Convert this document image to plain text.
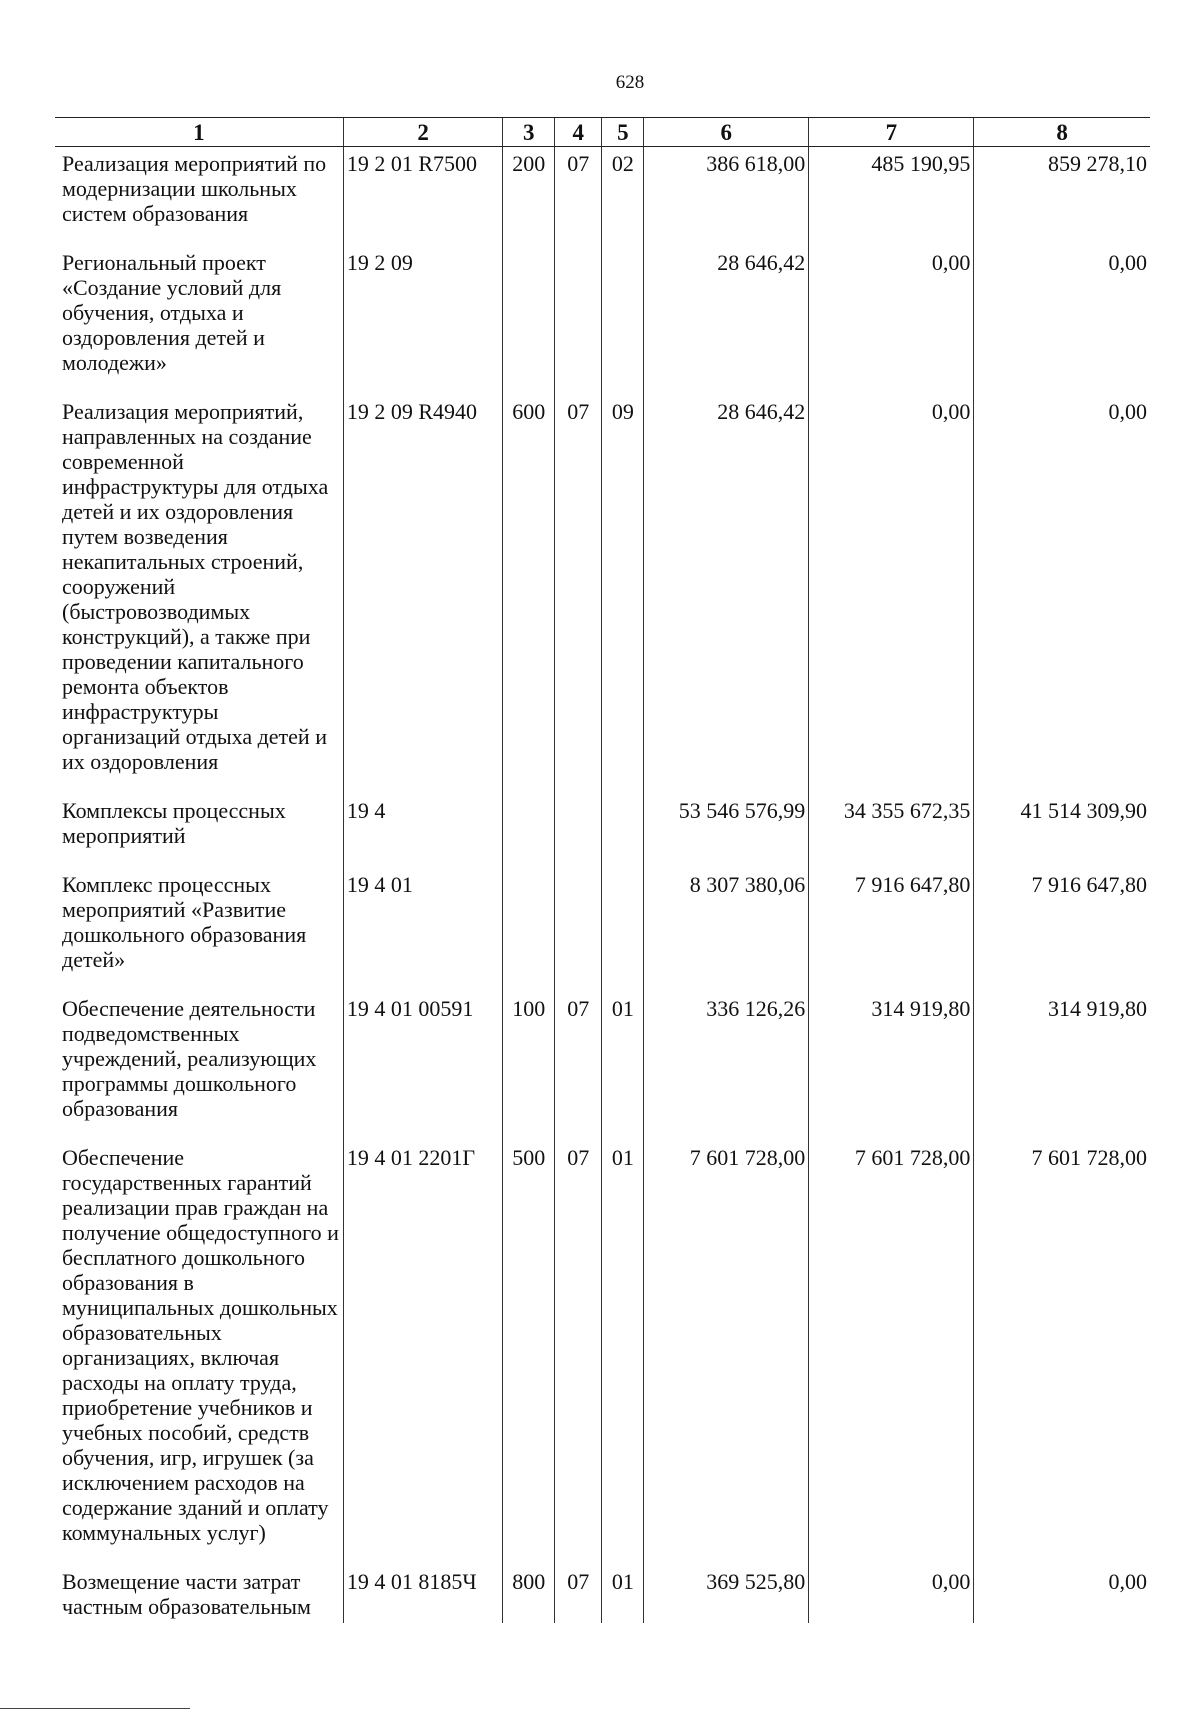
628
1	2	3	4	5	6	7	8
Реализация мероприятий по модернизации школьных систем образования	19 2 01 R7500	200	07	02	386 618,00	485 190,95	859 278,10
Региональный проект «Создание условий для обучения, отдыха и оздоровления детей и молодежи»	19 2 09				28 646,42	0,00	0,00
Реализация мероприятий, направленных на создание современной инфраструктуры для отдыха детей и их оздоровления путем возведения некапитальных строений, сооружений (быстровозводимых конструкций), а также при проведении капитального ремонта объектов инфраструктуры организаций отдыха детей и их оздоровления	19 2 09 R4940	600	07	09	28 646,42	0,00	0,00
Комплексы процессных мероприятий	19 4				53 546 576,99	34 355 672,35	41 514 309,90
Комплекс процессных мероприятий «Развитие дошкольного образования детей»	19 4 01				8 307 380,06	7 916 647,80	7 916 647,80
Обеспечение деятельности подведомственных учреждений, реализующих программы дошкольного образования	19 4 01 00591	100	07	01	336 126,26	314 919,80	314 919,80
Обеспечение государственных гарантий реализации прав граждан на получение общедоступного и бесплатного дошкольного образования в муниципальных дошкольных образовательных организациях, включая расходы на оплату труда, приобретение учебников и учебных пособий, средств обучения, игр, игрушек (за исключением расходов на содержание зданий и оплату коммунальных услуг)	19 4 01 2201Г	500	07	01	7 601 728,00	7 601 728,00	7 601 728,00
Возмещение части затрат частным образовательным	19 4 01 8185Ч	800	07	01	369 525,80	0,00	0,00
